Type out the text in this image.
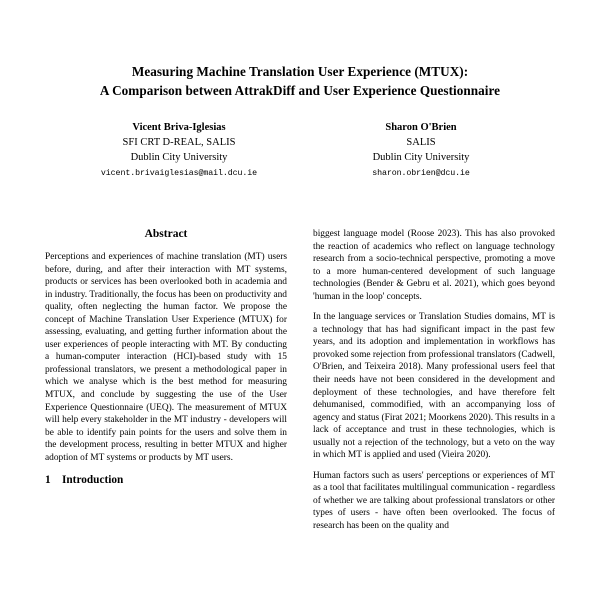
Measuring Machine Translation User Experience (MTUX):
A Comparison between AttrakDiff and User Experience Questionnaire
Vicent Briva-Iglesias
SFI CRT D-REAL, SALIS
Dublin City University
vicent.brivaiglesias@mail.dcu.ie
Sharon O'Brien
SALIS
Dublin City University
sharon.obrien@dcu.ie
Abstract

Perceptions and experiences of machine translation (MT) users before, during, and after their interaction with MT systems, products or services has been overlooked both in academia and in industry. Traditionally, the focus has been on productivity and quality, often neglecting the human factor. We propose the concept of Machine Translation User Experience (MTUX) for assessing, evaluating, and getting further information about the user experiences of people interacting with MT. By conducting a human-computer interaction (HCI)-based study with 15 professional translators, we present a methodological paper in which we analyse which is the best method for measuring MTUX, and conclude by suggesting the use of the User Experience Questionnaire (UEQ). The measurement of MTUX will help every stakeholder in the MT industry - developers will be able to identify pain points for the users and solve them in the development process, resulting in better MTUX and higher adoption of MT systems or products by MT users.

1	Introduction

biggest language model (Roose 2023). This has also provoked the reaction of academics who reflect on language technology research from a socio-technical perspective, promoting a move to a more human-centered development of such language technologies (Bender & Gebru et al. 2021), which goes beyond 'human in the loop' concepts.

In the language services or Translation Studies domains, MT is a technology that has had significant impact in the past few years, and its adoption and implementation in workflows has provoked some rejection from professional translators (Cadwell, O'Brien, and Teixeira 2018). Many professional users feel that their needs have not been considered in the development and deployment of these technologies, and have therefore felt dehumanised, commodified, with an accompanying loss of agency and status (Firat 2021; Moorkens 2020). This results in a lack of acceptance and trust in these technologies, which is usually not a rejection of the technology, but a veto on the way in which MT is applied and used (Vieira 2020).

Human factors such as users' perceptions or experiences of MT as a tool that facilitates multilingual communication - regardless of whether we are talking about professional translators or other types of users - have often been overlooked. The focus of research has been on the quality and
